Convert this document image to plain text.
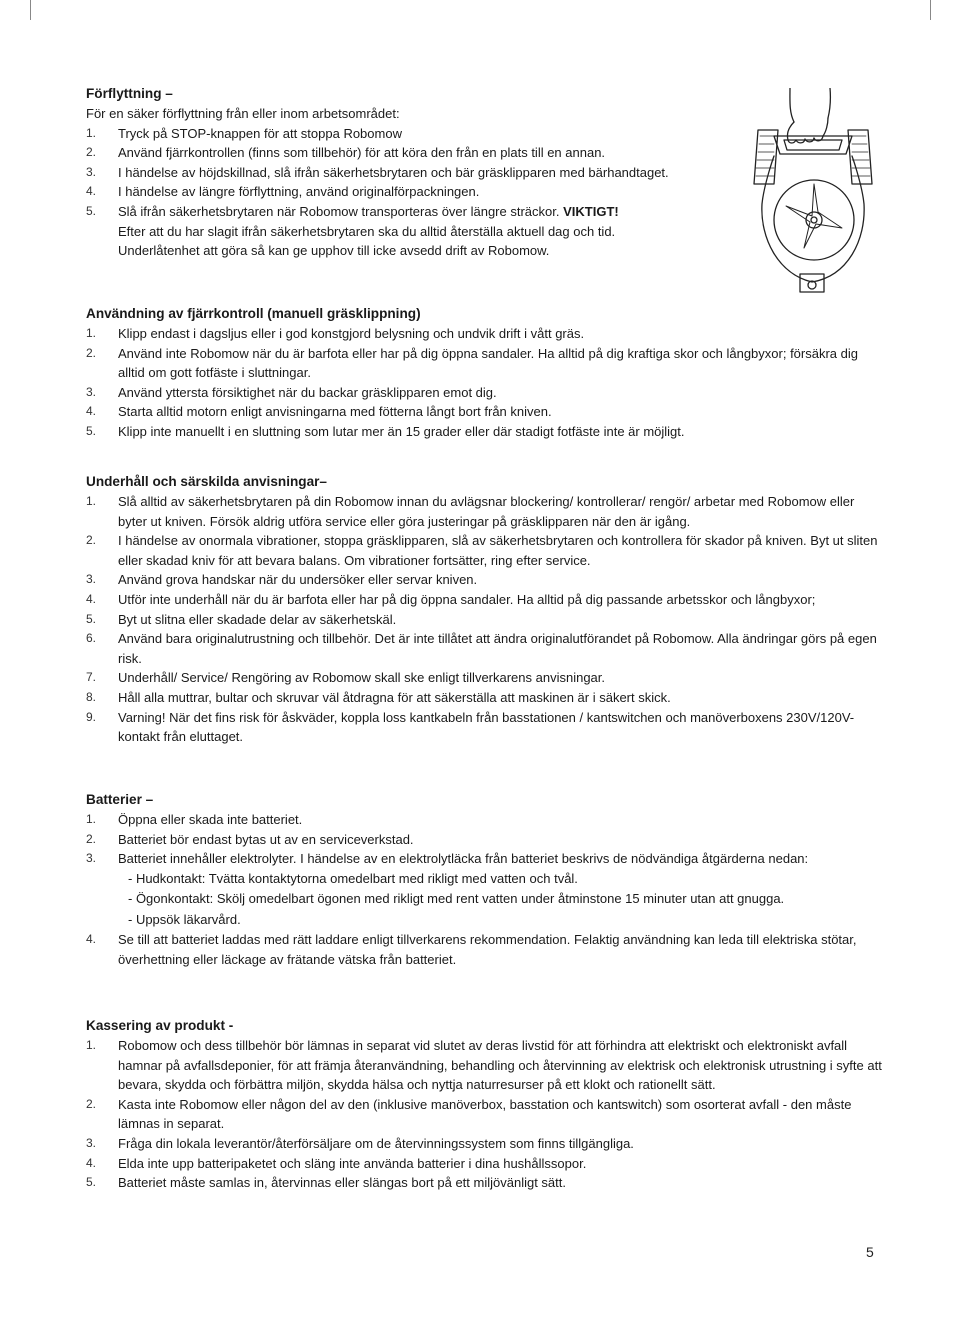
Förflyttning –

För en säker förflyttning från eller inom arbetsområdet:

1.	Tryck på STOP-knappen för att stoppa Robomow
2.	Använd fjärrkontrollen (finns som tillbehör) för att köra den från en plats till en annan.
3.	I händelse av höjdskillnad, slå ifrån säkerhetsbrytaren och bär gräsklipparen med bärhandtaget.
4.	I händelse av längre förflyttning, använd originalförpackningen.
5.	Slå ifrån säkerhetsbrytaren när Robomow transporteras över längre sträckor. VIKTIGT!
Efter att du har slagit ifrån säkerhetsbrytaren ska du alltid återställa aktuell dag och tid. Underlåtenhet att göra så kan ge upphov till icke avsedd drift av Robomow.

Användning av fjärrkontroll (manuell gräsklippning)

1.	Klipp endast i dagsljus eller i god konstgjord belysning och undvik drift i vått gräs.
2.	Använd inte Robomow när du är barfota eller har på dig öppna sandaler. Ha alltid på dig kraftiga skor och långbyxor; försäkra dig alltid om gott fotfäste i sluttningar.
3.	Använd yttersta försiktighet när du backar gräsklipparen emot dig.
4.	Starta alltid motorn enligt anvisningarna med fötterna långt bort från kniven.
5.	Klipp inte manuellt i en sluttning som lutar mer än 15 grader eller där stadigt fotfäste inte är möjligt.

Underhåll och särskilda anvisningar–

1.	Slå alltid av säkerhetsbrytaren på din Robomow innan du avlägsnar blockering/ kontrollerar/ rengör/ arbetar med Robomow eller byter ut kniven. Försök aldrig utföra service eller göra justeringar på gräsklipparen när den är igång.
2.	I händelse av onormala vibrationer, stoppa gräsklipparen, slå av säkerhetsbrytaren och kontrollera för skador på kniven. Byt ut sliten eller skadad kniv för att bevara balans. Om vibrationer fortsätter, ring efter service.
3.	Använd grova handskar när du undersöker eller servar kniven.
4.	Utför inte underhåll när du är barfota eller har på dig öppna sandaler. Ha alltid på dig passande arbetsskor och långbyxor;
5.	Byt ut slitna eller skadade delar av säkerhetskäl.
6.	Använd bara originalutrustning och tillbehör. Det är inte tillåtet att ändra originalutförandet på Robomow. Alla ändringar görs på egen risk.
7.	Underhåll/ Service/ Rengöring av Robomow skall ske enligt tillverkarens anvisningar.
8.	Håll alla muttrar, bultar och skruvar väl åtdragna för att säkerställa att maskinen är i säkert skick.
9.	Varning! När det fins risk för åskväder, koppla loss kantkabeln från basstationen / kantswitchen och manöverboxens 230V/120V-kontakt från eluttaget.

Batterier –

1.	Öppna eller skada inte batteriet.
2.	Batteriet bör endast bytas ut av en serviceverkstad.
3.	Batteriet innehåller elektrolyter. I händelse av en elektrolytläcka från batteriet beskrivs de nödvändiga åtgärderna nedan:
- Hudkontakt: Tvätta kontaktytorna omedelbart med rikligt med vatten och tvål.
- Ögonkontakt: Skölj omedelbart ögonen med rikligt med rent vatten under åtminstone 15 minuter utan att gnugga.
- Uppsök läkarvård.
4.	Se till att batteriet laddas med rätt laddare enligt tillverkarens rekommendation. Felaktig användning kan leda till elektriska stötar, överhettning eller läckage av frätande vätska från batteriet.

Kassering av produkt -

1.	Robomow och dess tillbehör bör lämnas in separat vid slutet av deras livstid för att förhindra att elektriskt och elektroniskt avfall hamnar på avfallsdeponier, för att främja återanvändning, behandling och återvinning av elektrisk och elektronisk utrustning i syfte att bevara, skydda och förbättra miljön, skydda hälsa och nyttja naturresurser på ett klokt och rationellt sätt.
2.	Kasta inte Robomow eller någon del av den (inklusive manöverbox, basstation och kantswitch) som osorterat avfall - den måste lämnas in separat.
3.	Fråga din lokala leverantör/återförsäljare om de återvinningssystem som finns tillgängliga.
4.	Elda inte upp batteripaketet och släng inte använda batterier i dina hushållssopor.
5.	Batteriet måste samlas in, återvinnas eller slängas bort på ett miljövänligt sätt.
5
